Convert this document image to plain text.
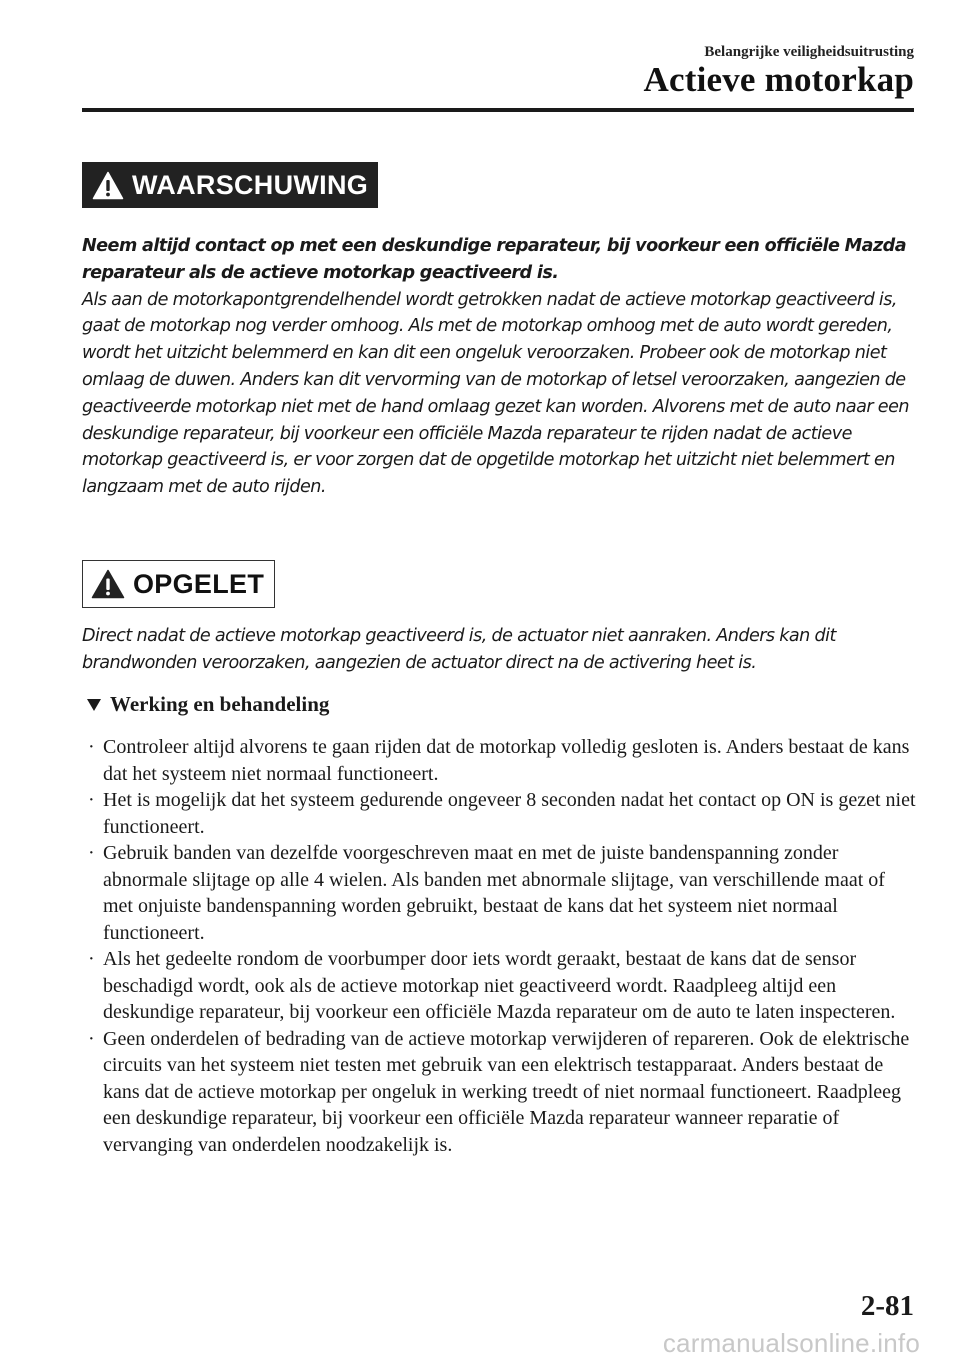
Belangrijke veiligheidsuitrusting
Actieve motorkap
WAARSCHUWING

Neem altijd contact op met een deskundige reparateur, bij voorkeur een officiële Mazda reparateur als de actieve motorkap geactiveerd is.

Als aan de motorkapontgrendelhendel wordt getrokken nadat de actieve motorkap geactiveerd is, gaat de motorkap nog verder omhoog. Als met de motorkap omhoog met de auto wordt gereden, wordt het uitzicht belemmerd en kan dit een ongeluk veroorzaken. Probeer ook de motorkap niet omlaag de duwen. Anders kan dit vervorming van de motorkap of letsel veroorzaken, aangezien de geactiveerde motorkap niet met de hand omlaag gezet kan worden. Alvorens met de auto naar een deskundige reparateur, bij voorkeur een officiële Mazda reparateur te rijden nadat de actieve motorkap geactiveerd is, er voor zorgen dat de opgetilde motorkap het uitzicht niet belemmert en langzaam met de auto rijden.

OPGELET
Direct nadat de actieve motorkap geactiveerd is, de actuator niet aanraken. Anders kan dit brandwonden veroorzaken, aangezien de actuator direct na de activering heet is.
Werking en behandeling
· Controleer altijd alvorens te gaan rijden dat de motorkap volledig gesloten is. Anders bestaat de kans dat het systeem niet normaal functioneert.
· Het is mogelijk dat het systeem gedurende ongeveer 8 seconden nadat het contact op ON is gezet niet functioneert.
· Gebruik banden van dezelfde voorgeschreven maat en met de juiste bandenspanning zonder abnormale slijtage op alle 4 wielen. Als banden met abnormale slijtage, van verschillende maat of met onjuiste bandenspanning worden gebruikt, bestaat de kans dat het systeem niet normaal functioneert.
· Als het gedeelte rondom de voorbumper door iets wordt geraakt, bestaat de kans dat de sensor beschadigd wordt, ook als de actieve motorkap niet geactiveerd wordt. Raadpleeg altijd een deskundige reparateur, bij voorkeur een officiële Mazda reparateur om de auto te laten inspecteren.
· Geen onderdelen of bedrading van de actieve motorkap verwijderen of repareren. Ook de elektrische circuits van het systeem niet testen met gebruik van een elektrisch testapparaat. Anders bestaat de kans dat de actieve motorkap per ongeluk in werking treedt of niet normaal functioneert. Raadpleeg een deskundige reparateur, bij voorkeur een officiële Mazda reparateur wanneer reparatie of vervanging van onderdelen noodzakelijk is.
2-81
carmanualsonline.info
